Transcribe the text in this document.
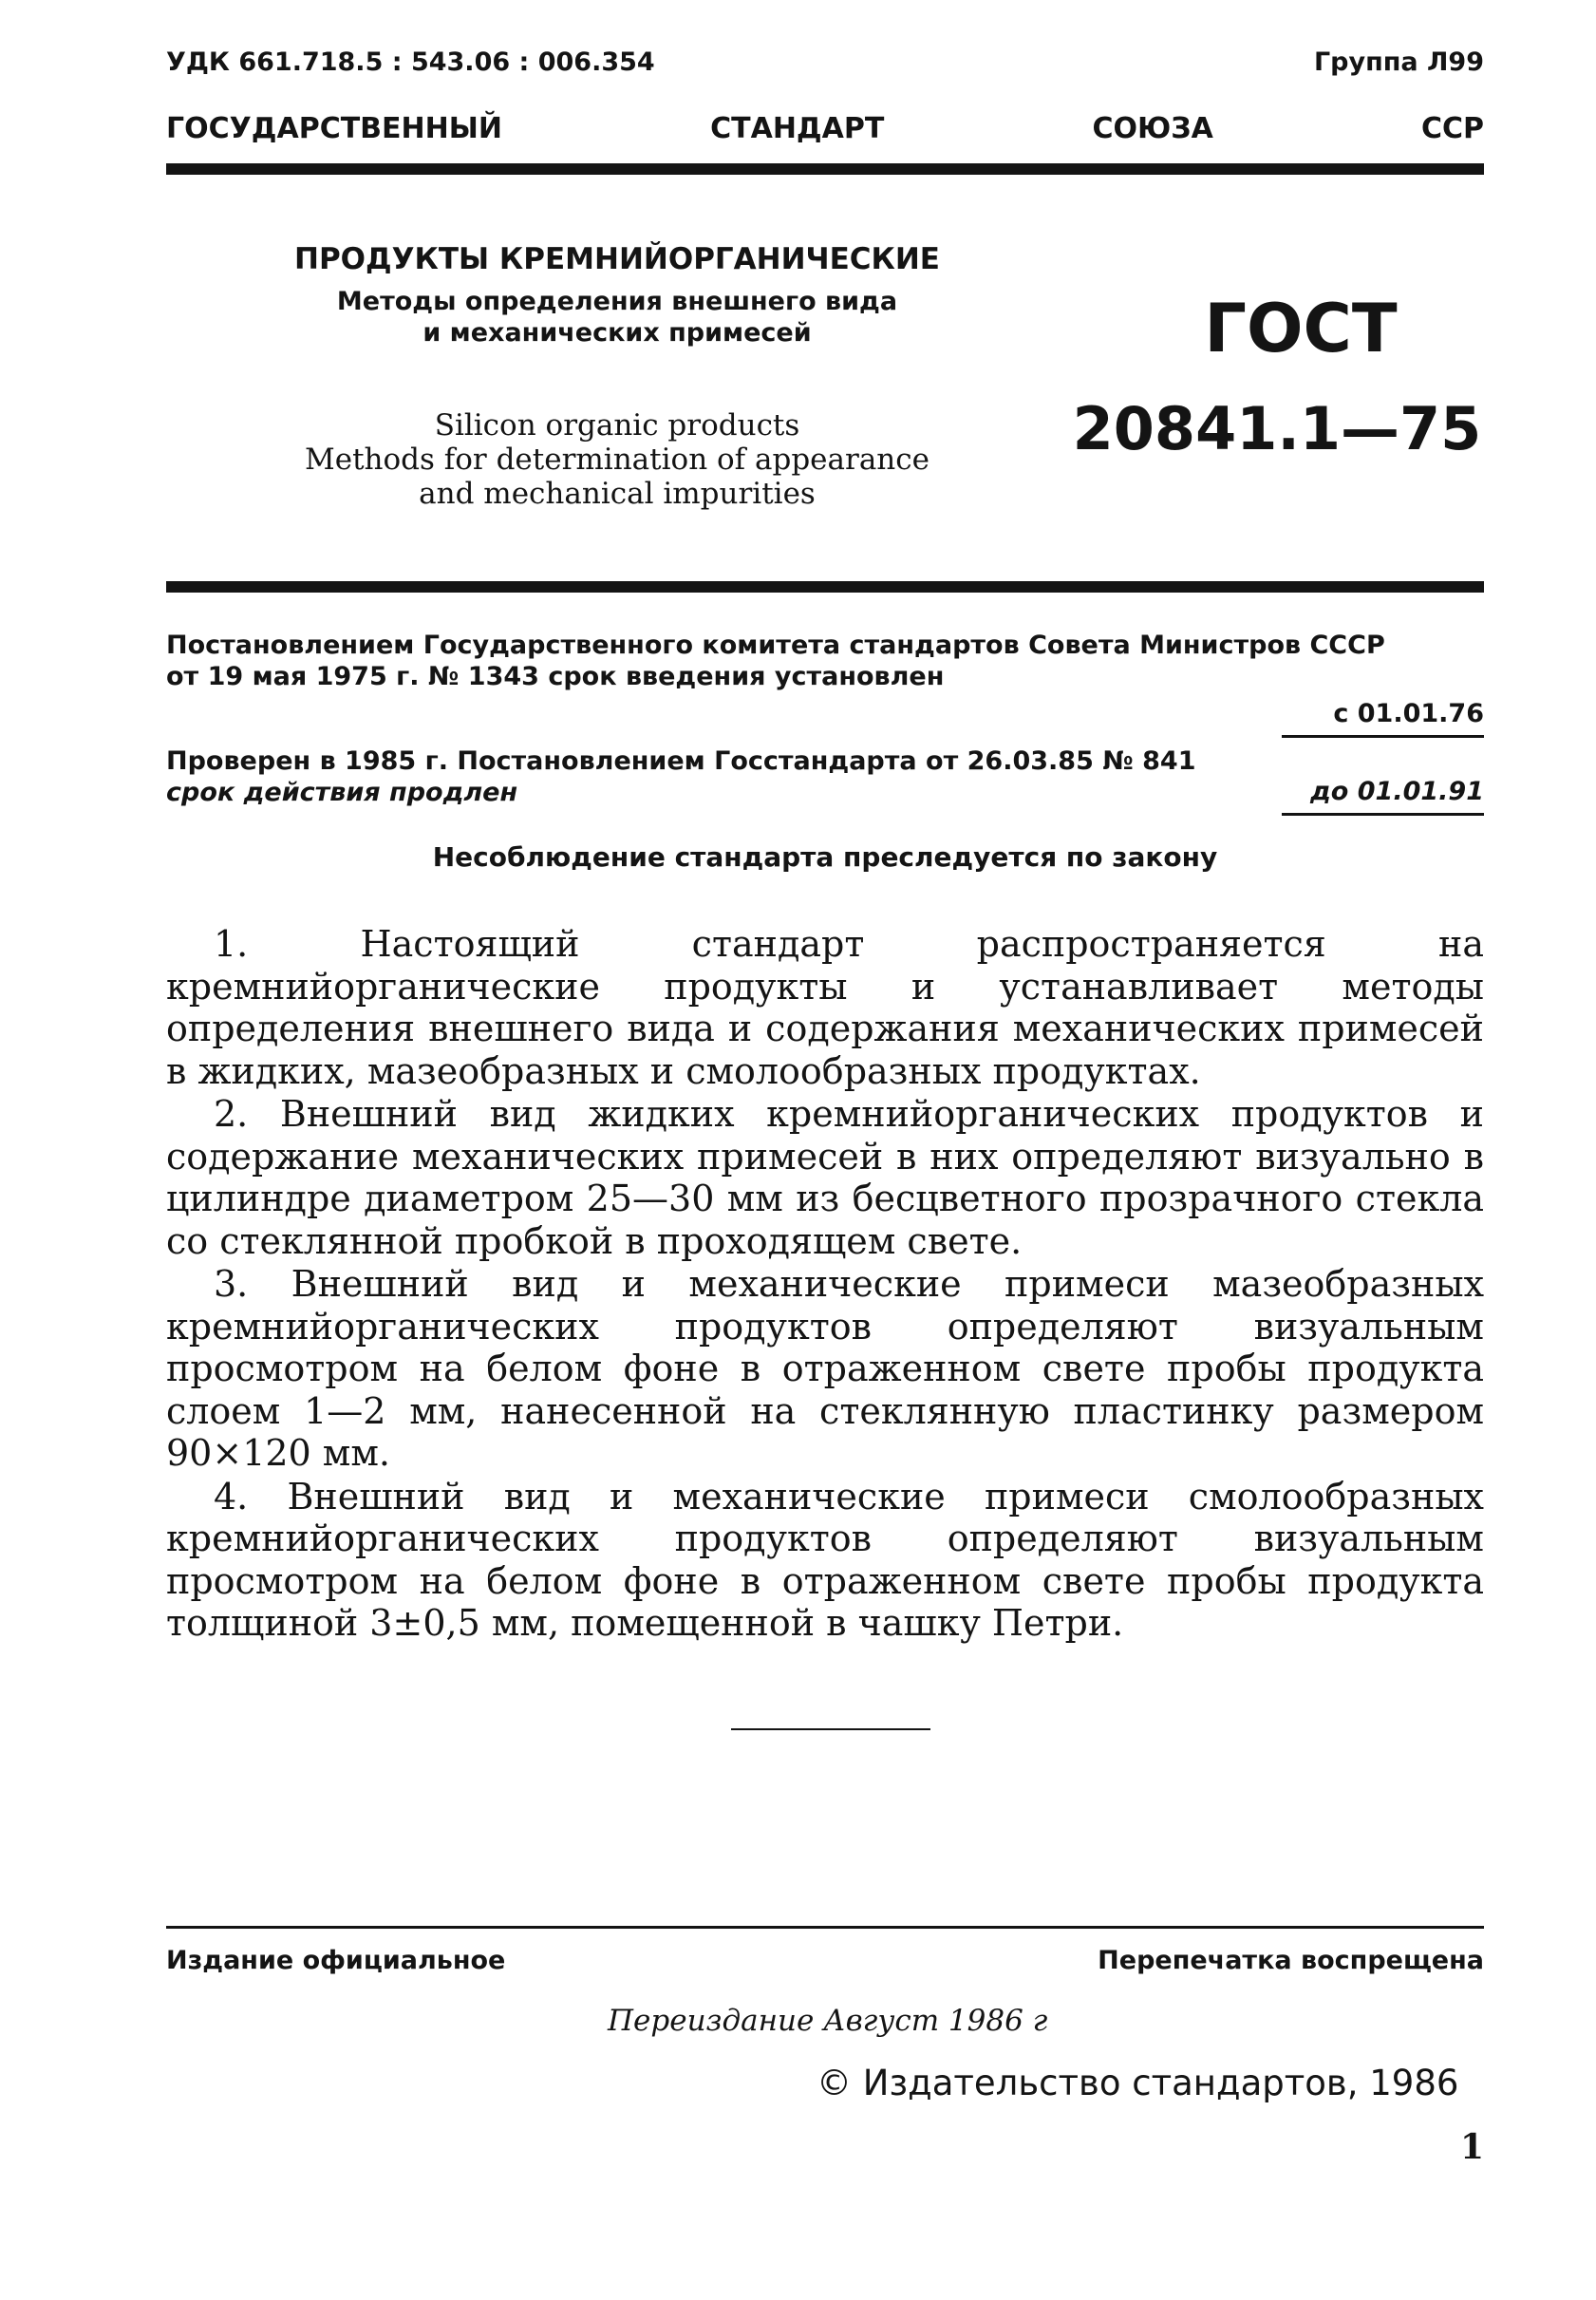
УДК 661.718.5 : 543.06 : 006.354	Группа Л99
ГОСУДАРСТВЕННЫЙ	СТАНДАРТ	СОЮЗА	ССР
ПРОДУКТЫ КРЕМНИЙОРГАНИЧЕСКИЕ
Методы определения внешнего вида
и механических примесей
Silicon organic products
Methods for determination of appearance
and mechanical impurities
ГОСТ
20841.1—75
Постановлением Государственного комитета стандартов Совета Министров СССР
от 19 мая 1975 г. № 1343 срок введения установлен
с 01.01.76
Проверен в 1985 г. Постановлением Госстандарта от 26.03.85 № 841
срок действия продлен	до 01.01.91
Несоблюдение стандарта преследуется по закону

1. Настоящий стандарт распространяется на кремнийорганические продукты и устанавливает методы определения внешнего вида и содержания механических примесей в жидких, мазеобразных и смолообразных продуктах.

2. Внешний вид жидких кремнийорганических продуктов и содержание механических примесей в них определяют визуально в цилиндре диаметром 25—30 мм из бесцветного прозрачного стекла со стеклянной пробкой в проходящем свете.

3. Внешний вид и механические примеси мазеобразных кремнийорганических продуктов определяют визуальным просмотром на белом фоне в отраженном свете пробы продукта слоем 1—2 мм, нанесенной на стеклянную пластинку размером 90×120 мм.

4. Внешний вид и механические примеси смолообразных кремнийорганических продуктов определяют визуальным просмотром на белом фоне в отраженном свете пробы продукта толщиной 3±0,5 мм, помещенной в чашку Петри.

Издание официальное	Перепечатка воспрещена
Переиздание Август 1986 г
© Издательство стандартов, 1986
1
